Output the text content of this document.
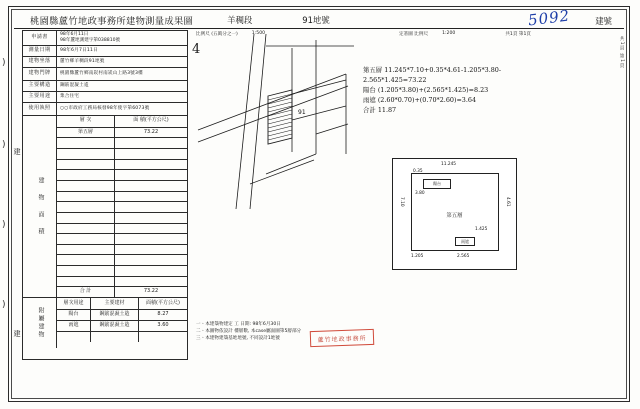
)
)
)
)
桃園縣蘆竹地政事務所建物測量成果圖	羊稠段	91地號	建號
5092
比例尺 (五萬分之一)	1:500	定著圖 比例尺	1:200	共1頁 第1頁
4
申請書	98年6月11日
98年蘆地測建字第038810號
測量日期	98年6月7日11日
建物坐落	蘆竹鄉羊稠段91地號
建物門牌	桃園縣蘆竹鄉南崁村南崁山上路3號3樓
主要構造	鋼筋混凝土造
主要用途	集合住宅
使用執照	○○市政府工務局核發98年使字第6073號
建 物 面 積
層 次	面 積(平方公尺)
第五層	73.22
合 計	73.22
附屬建物
層次用途	主要建材	面積(平方公尺)
陽台	鋼筋混凝土造	8.27
雨遮	鋼筋混凝土造	3.60
建
建
91
第五層 11.245*7.10+0.35*4.61-1.205*3.80-
2.565*1.425=73.22
陽台 (1.205*3.80)+(2.565*1.425)=8.23
雨遮 (2.60*0.70)+(0.70*2.60)=3.64
合計 11.87
第五層
陽台
雨遮
11.245
7.10	4.61
1.205	2.565
3.80
1.425
0.35
一、本建築物建定 工 日期: 98年6月30日
二、本圖物依設計 樓層數, 本case屬面圖第5層部分
三、本建物建築基地地號, 不同設計1地號	蘆竹地政事務所
共1頁 第1頁
